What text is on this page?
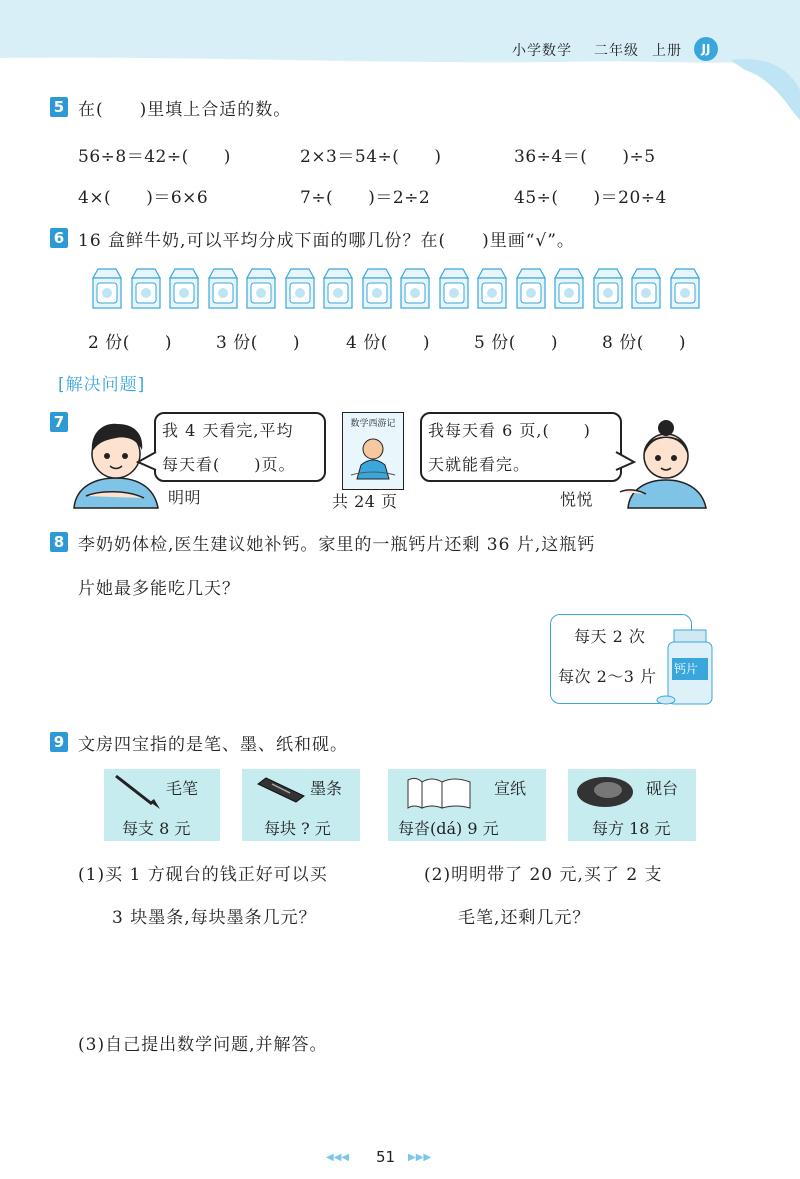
小学数学 二年级 上册	JJ
5 在(　　)里填上合适的数。
56÷8＝42÷(　　)	2×3＝54÷(　　)	36÷4＝(　　)÷5
4×(　　)＝6×6	7÷(　　)＝2÷2	45÷(　　)＝20÷4
6 16 盒鲜牛奶,可以平均分成下面的哪几份？在(　　)里画“√”。
2 份(　　)	3 份(　　)	4 份(　　)	5 份(　　)	8 份(　　)
[解决问题]
7	我 4 天看完,平均
每天看(　　)页。
明明
数学西游记
共 24 页
我每天看 6 页,(　　)
天就能看完。
悦悦
8 李奶奶体检,医生建议她补钙。家里的一瓶钙片还剩 36 片,这瓶钙
片她最多能吃几天？
每天 2 次
每次 2～3 片 钙片
9 文房四宝指的是笔、墨、纸和砚。
毛笔
每支 8 元
墨条
每块 ? 元
宣纸
每沓(dá) 9 元
砚台
每方 18 元
(1)买 1 方砚台的钱正好可以买
3 块墨条,每块墨条几元？
(2)明明带了 20 元,买了 2 支
毛笔,还剩几元？
(3)自己提出数学问题,并解答。
◀◀◀ 51 ▶▶▶
